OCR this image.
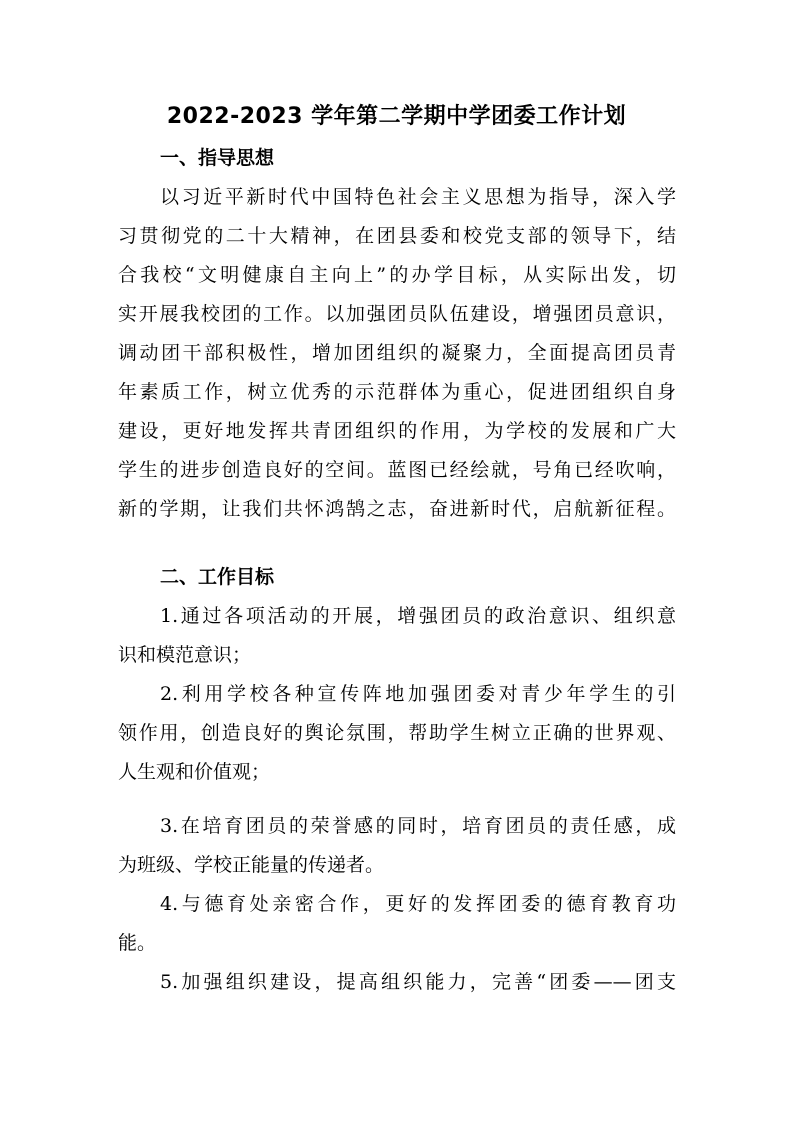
2022-2023 学年第二学期中学团委工作计划
一、指导思想
以习近平新时代中国特色社会主义思想为指导，深入学
习贯彻党的二十大精神，在团县委和校党支部的领导下，结
合我校“文明健康自主向上”的办学目标，从实际出发，切
实开展我校团的工作。以加强团员队伍建设，增强团员意识，
调动团干部积极性，增加团组织的凝聚力，全面提高团员青
年素质工作，树立优秀的示范群体为重心，促进团组织自身
建设，更好地发挥共青团组织的作用，为学校的发展和广大
学生的进步创造良好的空间。蓝图已经绘就，号角已经吹响，
新的学期，让我们共怀鸿鹄之志，奋进新时代，启航新征程。
二、工作目标
1.通过各项活动的开展，增强团员的政治意识、组织意
识和模范意识；
2.利用学校各种宣传阵地加强团委对青少年学生的引
领作用，创造良好的舆论氛围，帮助学生树立正确的世界观、
人生观和价值观；
3.在培育团员的荣誉感的同时，培育团员的责任感，成
为班级、学校正能量的传递者。
4.与德育处亲密合作，更好的发挥团委的德育教育功
能。
5.加强组织建设，提高组织能力，完善“团委——团支
